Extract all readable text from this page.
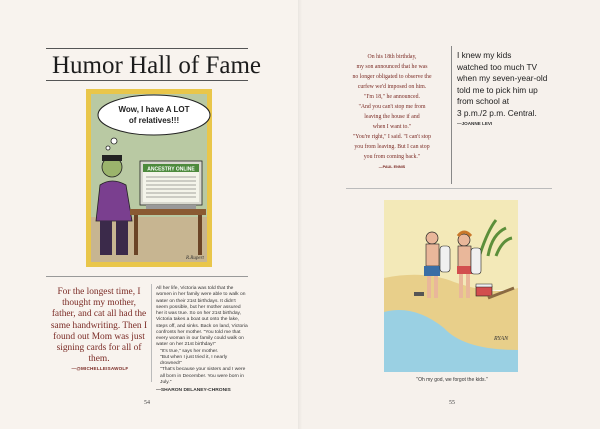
Humor Hall of Fame
Wow, I have A LOT
of relatives!!!
ANCESTRY ONLINE
R.Rupert
For the longest time, I thought my mother, father, and cat all had the same handwriting. Then I found out Mom was just signing cards for all of them.
—@MICHELLEISAWOLF
All her life, Victoria was told that the women in her family were able to walk on water on their 21st birthdays. It didn't seem possible, but her mother assured her it was true. So on her 21st birthday, Victoria takes a boat out onto the lake, steps off, and sinks. Back on land, Victoria confronts her mother. "You told me that every woman in our family could walk on water on her 21st birthday!"
"It's true," says her mother.
"But when I just tried it, I nearly drowned!"
"That's because your sisters and I were all born in December. You were born in July."
—SHARON DELANEY-CHRONIS
54

On his 18th birthday,

my son announced that he was

no longer obligated to observe the

curfew we'd imposed on him.

"I'm 18," he announced.

"And you can't stop me from

leaving the house if and

when I want to."

"You're right," I said. "I can't stop

you from leaving. But I can stop

you from coming back."

—PAUL ENNIS
I knew my kids
watched too much TV
when my seven-year-old
told me to pick him up
from school at
3 p.m./2 p.m. Central.
—JOANNE LEVI
RYAN
"Oh my god, we forgot the kids."
55
